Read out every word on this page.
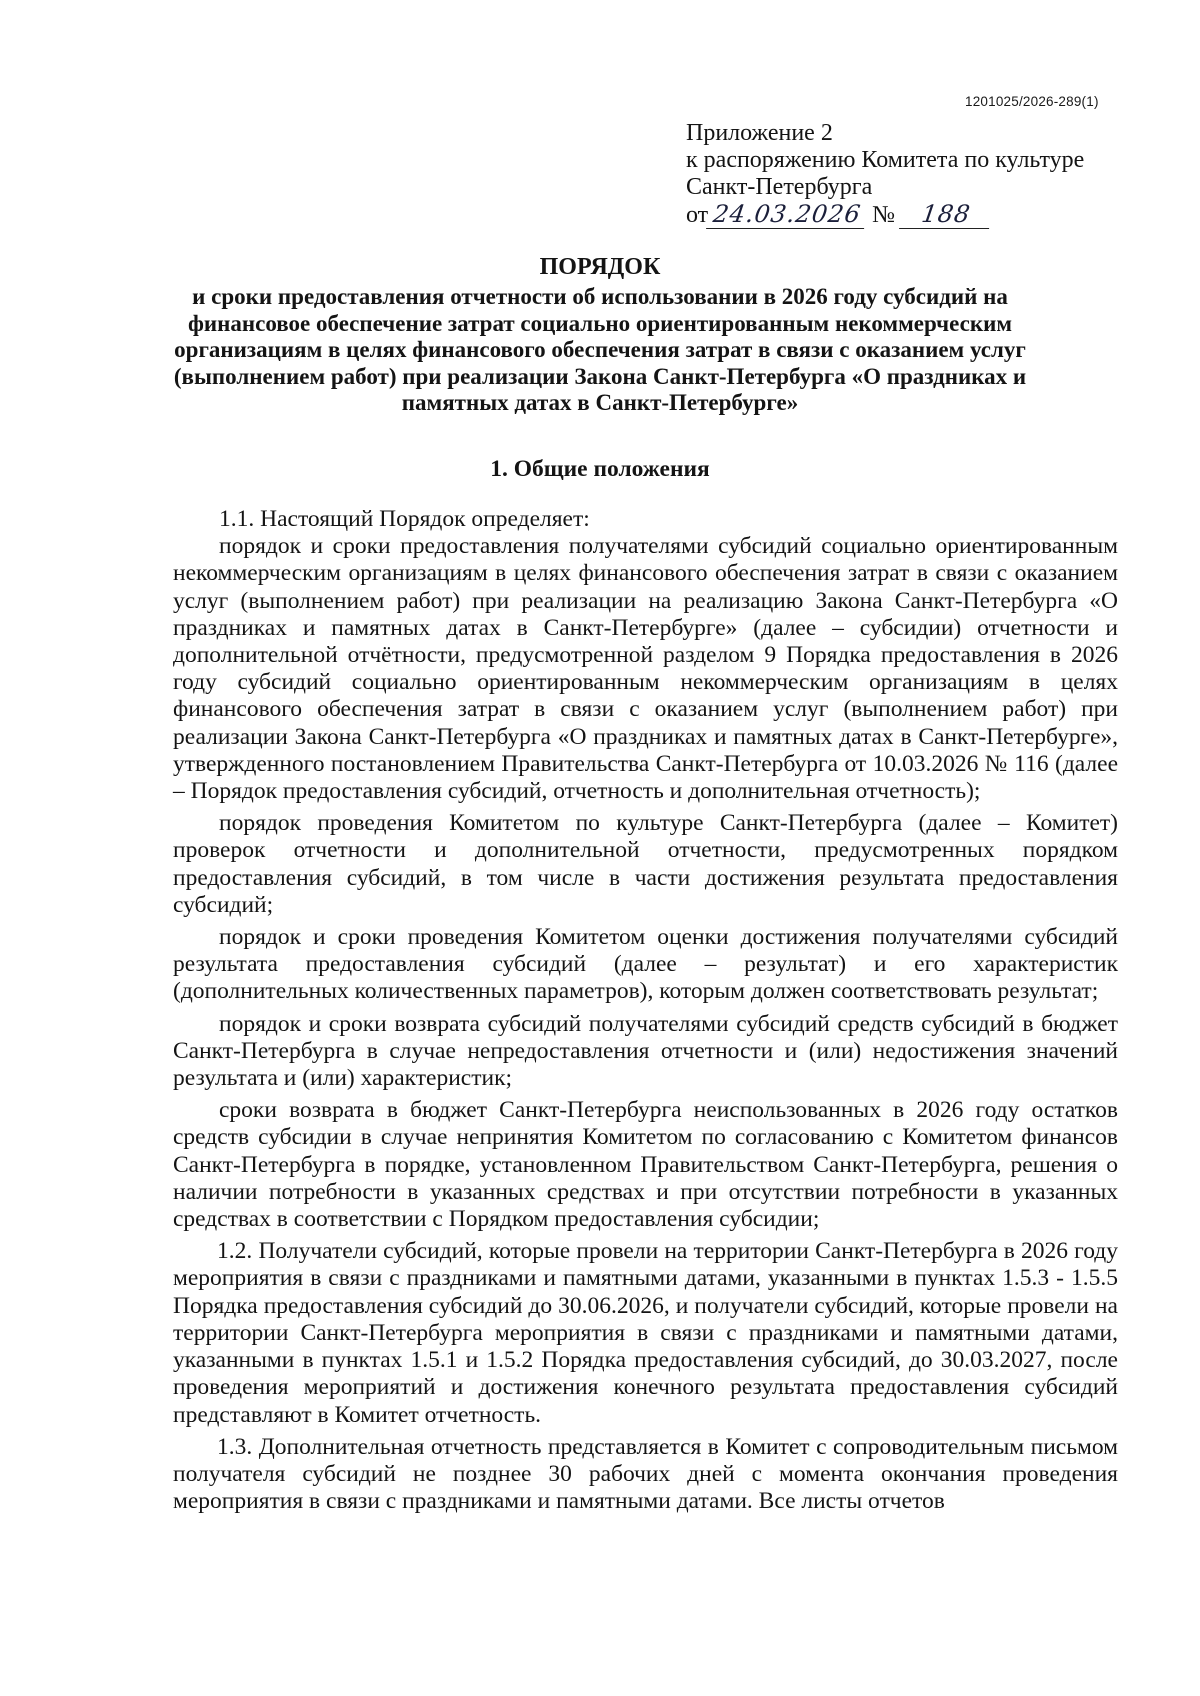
1201025/2026-289(1)
Приложение 2
к распоряжению Комитета по культуре
Санкт-Петербурга
от 24.03.2026 № 188
ПОРЯДОК
и сроки предоставления отчетности об использовании в 2026 году субсидий на финансовое обеспечение затрат социально ориентированным некоммерческим организациям в целях финансового обеспечения затрат в связи с оказанием услуг (выполнением работ) при реализации Закона Санкт-Петербурга «О праздниках и памятных датах в Санкт-Петербурге»
1. Общие положения

1.1. Настоящий Порядок определяет:

порядок и сроки предоставления получателями субсидий социально ориентированным некоммерческим организациям в целях финансового обеспечения затрат в связи с оказанием услуг (выполнением работ) при реализации на реализацию Закона Санкт-Петербурга «О праздниках и памятных датах в Санкт-Петербурге» (далее – субсидии) отчетности и дополнительной отчётности, предусмотренной разделом 9 Порядка предоставления в 2026 году субсидий социально ориентированным некоммерческим организациям в целях финансового обеспечения затрат в связи с оказанием услуг (выполнением работ) при реализации Закона Санкт-Петербурга «О праздниках и памятных датах в Санкт-Петербурге», утвержденного постановлением Правительства Санкт-Петербурга от 10.03.2026 № 116 (далее – Порядок предоставления субсидий, отчетность и дополнительная отчетность);

порядок проведения Комитетом по культуре Санкт-Петербурга (далее – Комитет) проверок отчетности и дополнительной отчетности, предусмотренных порядком предоставления субсидий, в том числе в части достижения результата предоставления субсидий;

порядок и сроки проведения Комитетом оценки достижения получателями субсидий результата предоставления субсидий (далее – результат) и его характеристик (дополнительных количественных параметров), которым должен соответствовать результат;

порядок и сроки возврата субсидий получателями субсидий средств субсидий в бюджет Санкт-Петербурга в случае непредоставления отчетности и (или) недостижения значений результата и (или) характеристик;

сроки возврата в бюджет Санкт-Петербурга неиспользованных в 2026 году остатков средств субсидии в случае непринятия Комитетом по согласованию с Комитетом финансов Санкт-Петербурга в порядке, установленном Правительством Санкт-Петербурга, решения о наличии потребности в указанных средствах и при отсутствии потребности в указанных средствах в соответствии с Порядком предоставления субсидии;

1.2. Получатели субсидий, которые провели на территории Санкт-Петербурга в 2026 году мероприятия в связи с праздниками и памятными датами, указанными в пунктах 1.5.3 - 1.5.5 Порядка предоставления субсидий до 30.06.2026, и получатели субсидий, которые провели на территории Санкт-Петербурга мероприятия в связи с праздниками и памятными датами, указанными в пунктах 1.5.1 и 1.5.2 Порядка предоставления субсидий, до 30.03.2027, после проведения мероприятий и достижения конечного результата предоставления субсидий представляют в Комитет отчетность.

1.3. Дополнительная отчетность представляется в Комитет с сопроводительным письмом получателя субсидий не позднее 30 рабочих дней с момента окончания проведения мероприятия в связи с праздниками и памятными датами. Все листы отчетов
